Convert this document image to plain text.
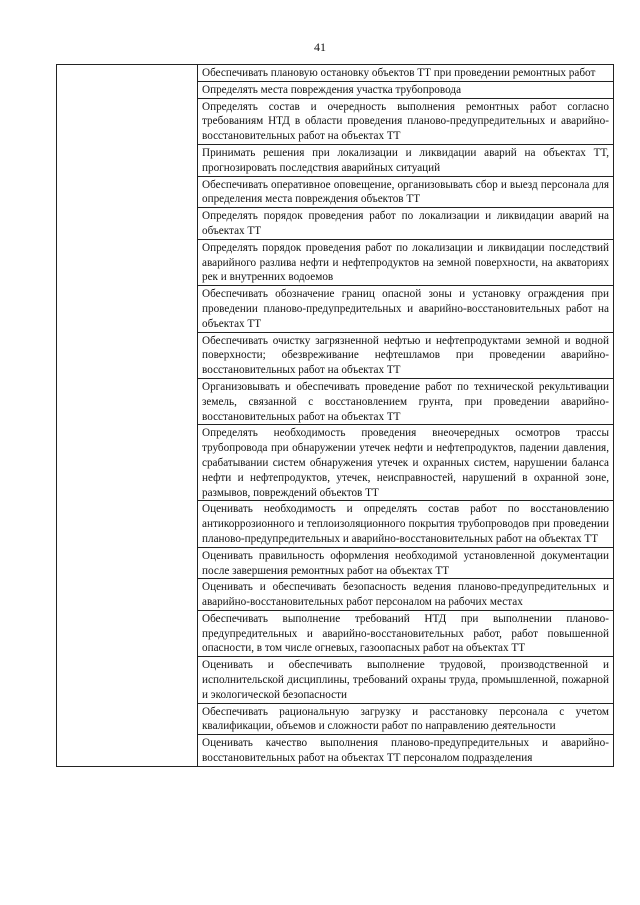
41
	Обеспечивать плановую остановку объектов ТТ при проведении ремонтных работ
Определять места повреждения участка трубопровода
Определять состав и очередность выполнения ремонтных работ согласно требованиям НТД в области проведения планово-предупредительных и аварийно-восстановительных работ на объектах ТТ
Принимать решения при локализации и ликвидации аварий на объектах ТТ, прогнозировать последствия аварийных ситуаций
Обеспечивать оперативное оповещение, организовывать сбор и выезд персонала для определения места повреждения объектов ТТ
Определять порядок проведения работ по локализации и ликвидации аварий на объектах ТТ
Определять порядок проведения работ по локализации и ликвидации последствий аварийного разлива нефти и нефтепродуктов на земной поверхности, на акваториях рек и внутренних водоемов
Обеспечивать обозначение границ опасной зоны и установку ограждения при проведении планово-предупредительных и аварийно-восстановительных работ на объектах ТТ
Обеспечивать очистку загрязненной нефтью и нефтепродуктами земной и водной поверхности; обезвреживание нефтешламов при проведении аварийно-восстановительных работ на объектах ТТ
Организовывать и обеспечивать проведение работ по технической рекультивации земель, связанной с восстановлением грунта, при проведении аварийно-восстановительных работ на объектах ТТ
Определять необходимость проведения внеочередных осмотров трассы трубопровода при обнаружении утечек нефти и нефтепродуктов, падении давления, срабатывании систем обнаружения утечек и охранных систем, нарушении баланса нефти и нефтепродуктов, утечек, неисправностей, нарушений в охранной зоне, размывов, повреждений объектов ТТ
Оценивать необходимость и определять состав работ по восстановлению антикоррозионного и теплоизоляционного покрытия трубопроводов при проведении планово-предупредительных и аварийно-восстановительных работ на объектах ТТ
Оценивать правильность оформления необходимой установленной документации после завершения ремонтных работ на объектах ТТ
Оценивать и обеспечивать безопасность ведения планово-предупредительных и аварийно-восстановительных работ персоналом на рабочих местах
Обеспечивать выполнение требований НТД при выполнении планово-предупредительных и аварийно-восстановительных работ, работ повышенной опасности, в том числе огневых, газоопасных работ на объектах ТТ
Оценивать и обеспечивать выполнение трудовой, производственной и исполнительской дисциплины, требований охраны труда, промышленной, пожарной и экологической безопасности
Обеспечивать рациональную загрузку и расстановку персонала с учетом квалификации, объемов и сложности работ по направлению деятельности
Оценивать качество выполнения планово-предупредительных и аварийно-восстановительных работ на объектах ТТ персоналом подразделения
